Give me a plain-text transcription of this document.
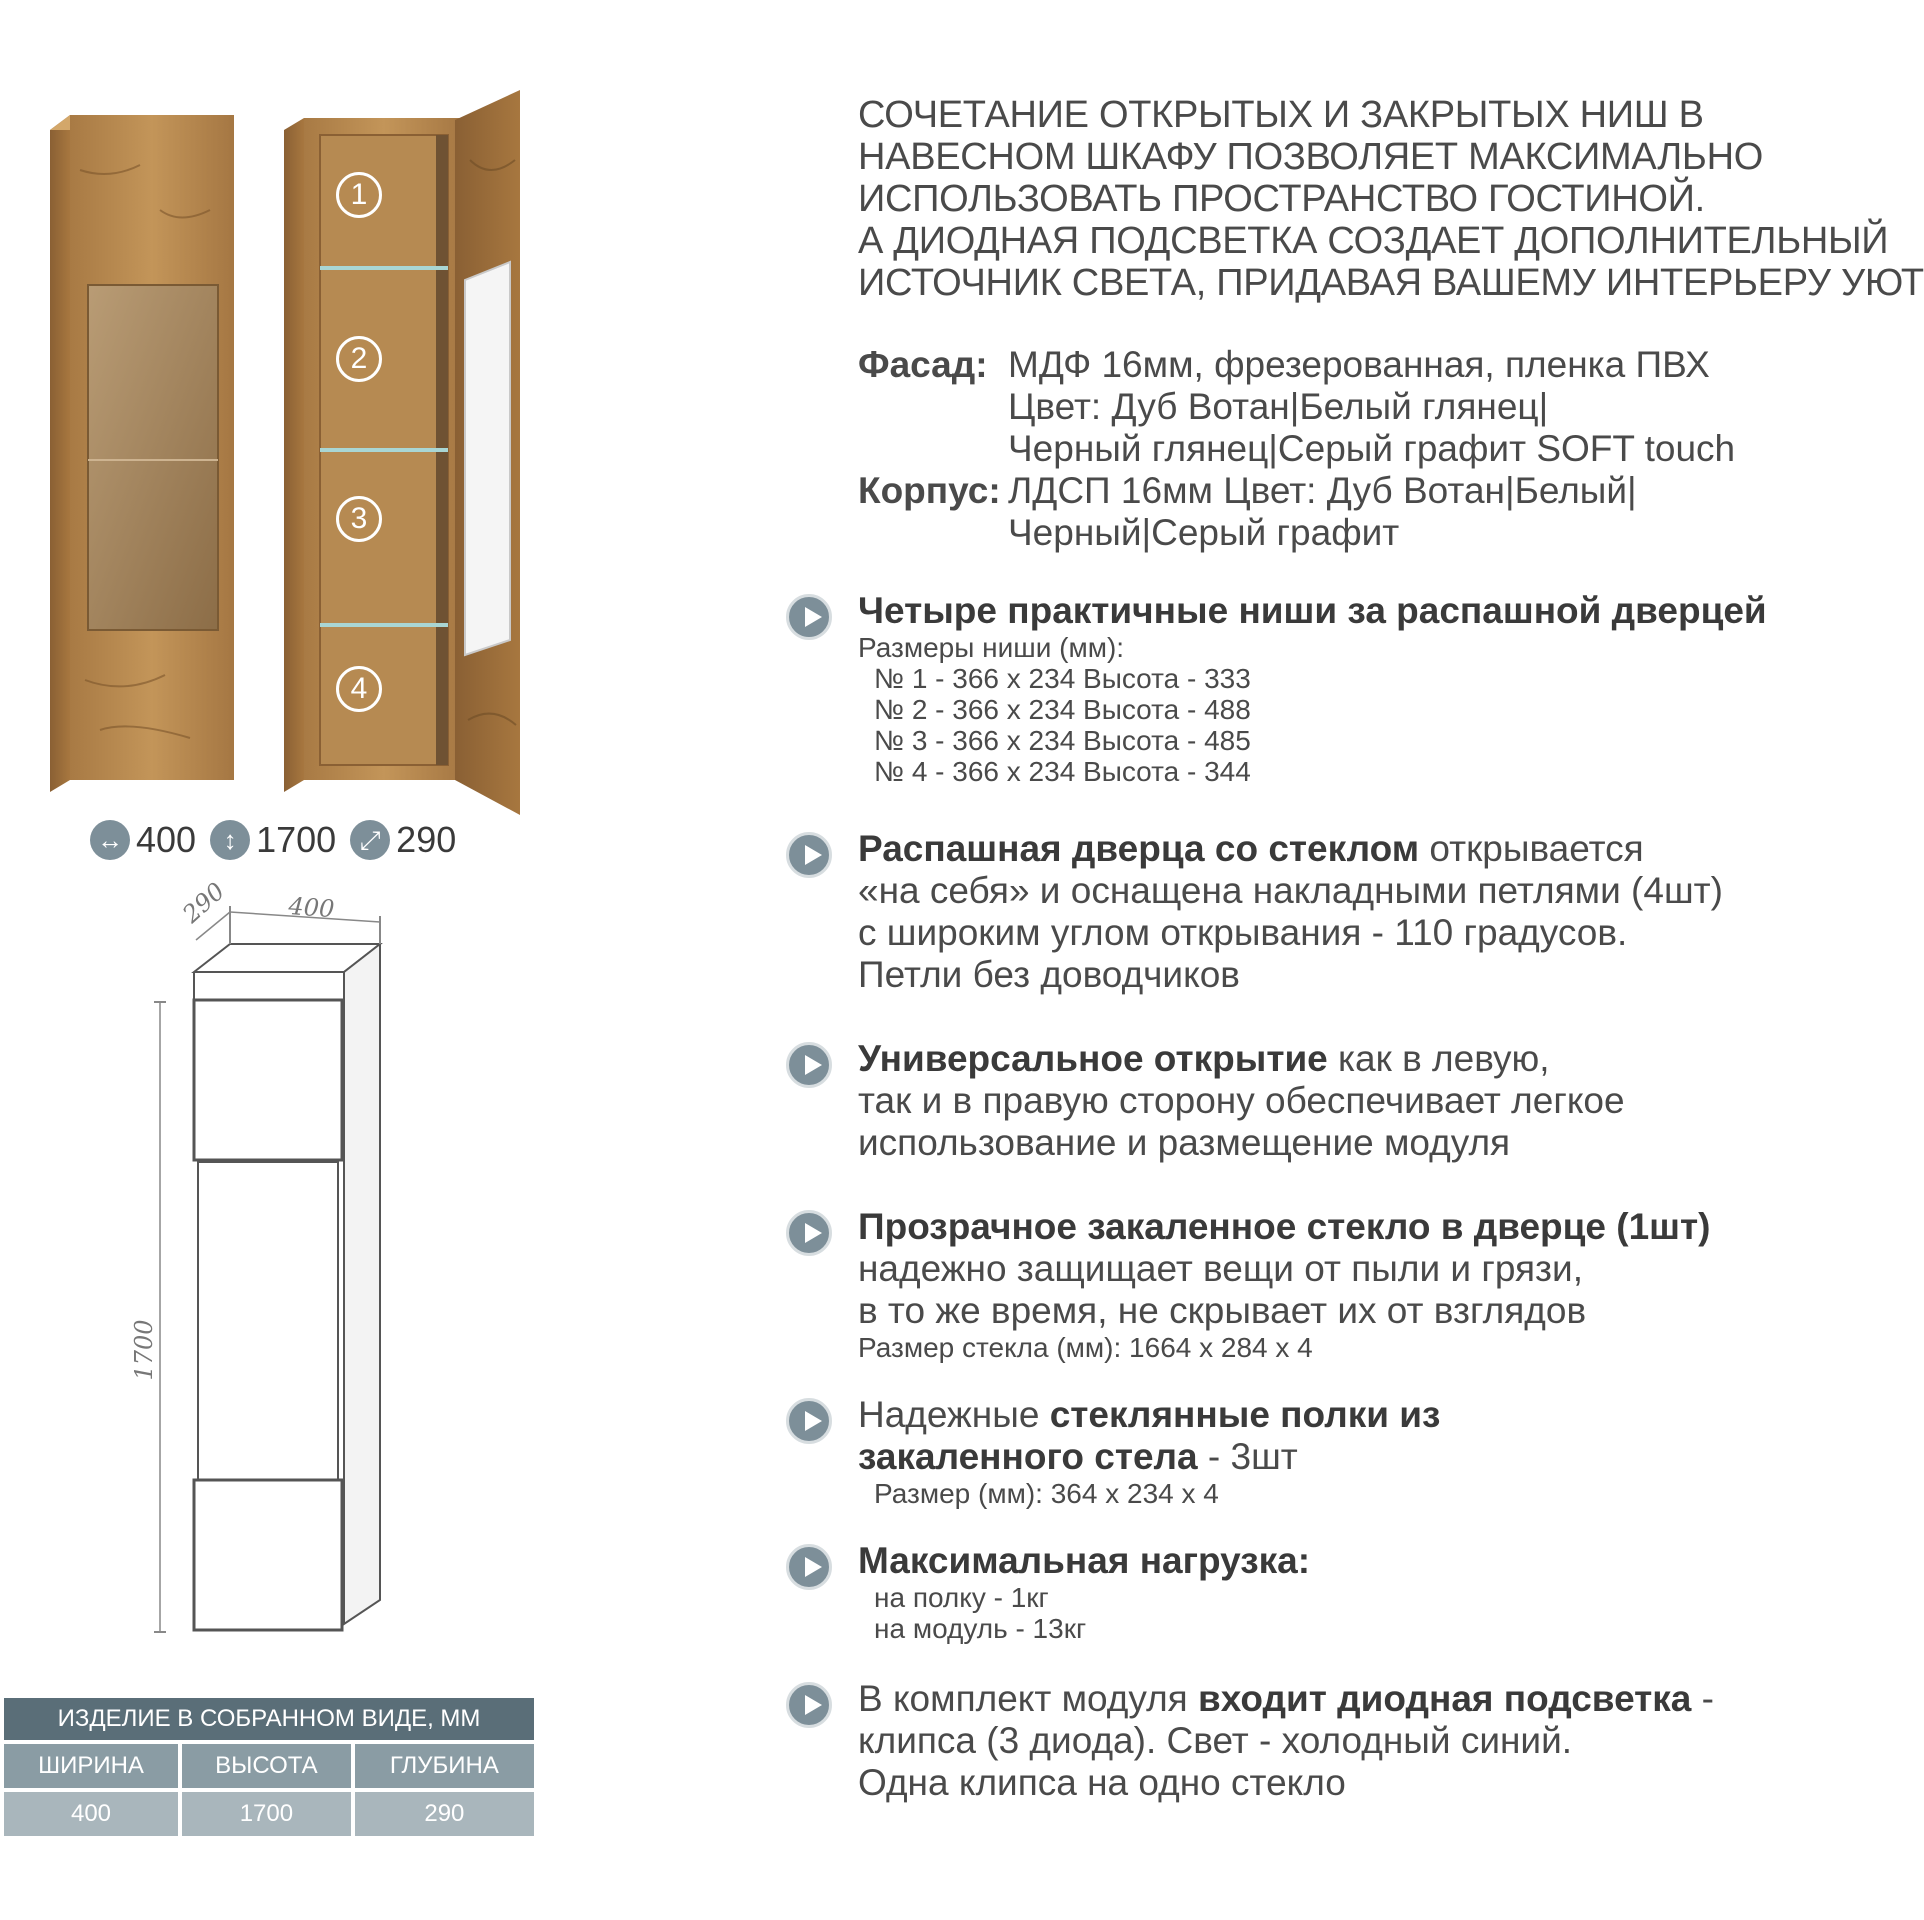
1
2
3
4
↔ 400	↕ 1700 ⤢ 290
290 400
1700
ИЗДЕЛИЕ В СОБРАННОМ ВИДЕ, ММ		
ШИРИНА	ВЫСОТА	ГЛУБИНА
400	1700	290
СОЧЕТАНИЕ ОТКРЫТЫХ И ЗАКРЫТЫХ НИШ В
НАВЕСНОМ ШКАФУ ПОЗВОЛЯЕТ МАКСИМАЛЬНО
ИСПОЛЬЗОВАТЬ ПРОСТРАНСТВО ГОСТИНОЙ.
А ДИОДНАЯ ПОДСВЕТКА СОЗДАЕТ ДОПОЛНИТЕЛЬНЫЙ
ИСТОЧНИК СВЕТА, ПРИДАВАЯ ВАШЕМУ ИНТЕРЬЕРУ УЮТ
Фасад: МДФ 16мм, фрезерованная, пленка ПВХ
Цвет: Дуб Вотан|Белый глянец|
Черный глянец|Серый графит SOFT touch
Корпус: ЛДСП 16мм Цвет: Дуб Вотан|Белый|
Черный|Серый графит
Четыре практичные ниши за распашной дверцей
Размеры ниши (мм):
№ 1 - 366 х 234 Высота - 333
№ 2 - 366 х 234 Высота - 488
№ 3 - 366 х 234 Высота - 485
№ 4 - 366 х 234 Высота - 344
Распашная дверца со стеклом открывается
«на себя» и оснащена накладными петлями (4шт)
с широким углом открывания - 110 градусов.
Петли без доводчиков
Универсальное открытие как в левую,
так и в правую сторону обеспечивает легкое
использование и размещение модуля
Прозрачное закаленное стекло в дверце (1шт)
надежно защищает вещи от пыли и грязи,
в то же время, не скрывает их от взглядов
Размер стекла (мм): 1664 х 284 х 4
Надежные стеклянные полки из
закаленного стела - 3шт
Размер (мм): 364 х 234 х 4
Максимальная нагрузка:
на полку - 1кг
на модуль - 13кг
В комплект модуля входит диодная подсветка -
клипса (3 диода). Свет - холодный синий.
Одна клипса на одно стекло
